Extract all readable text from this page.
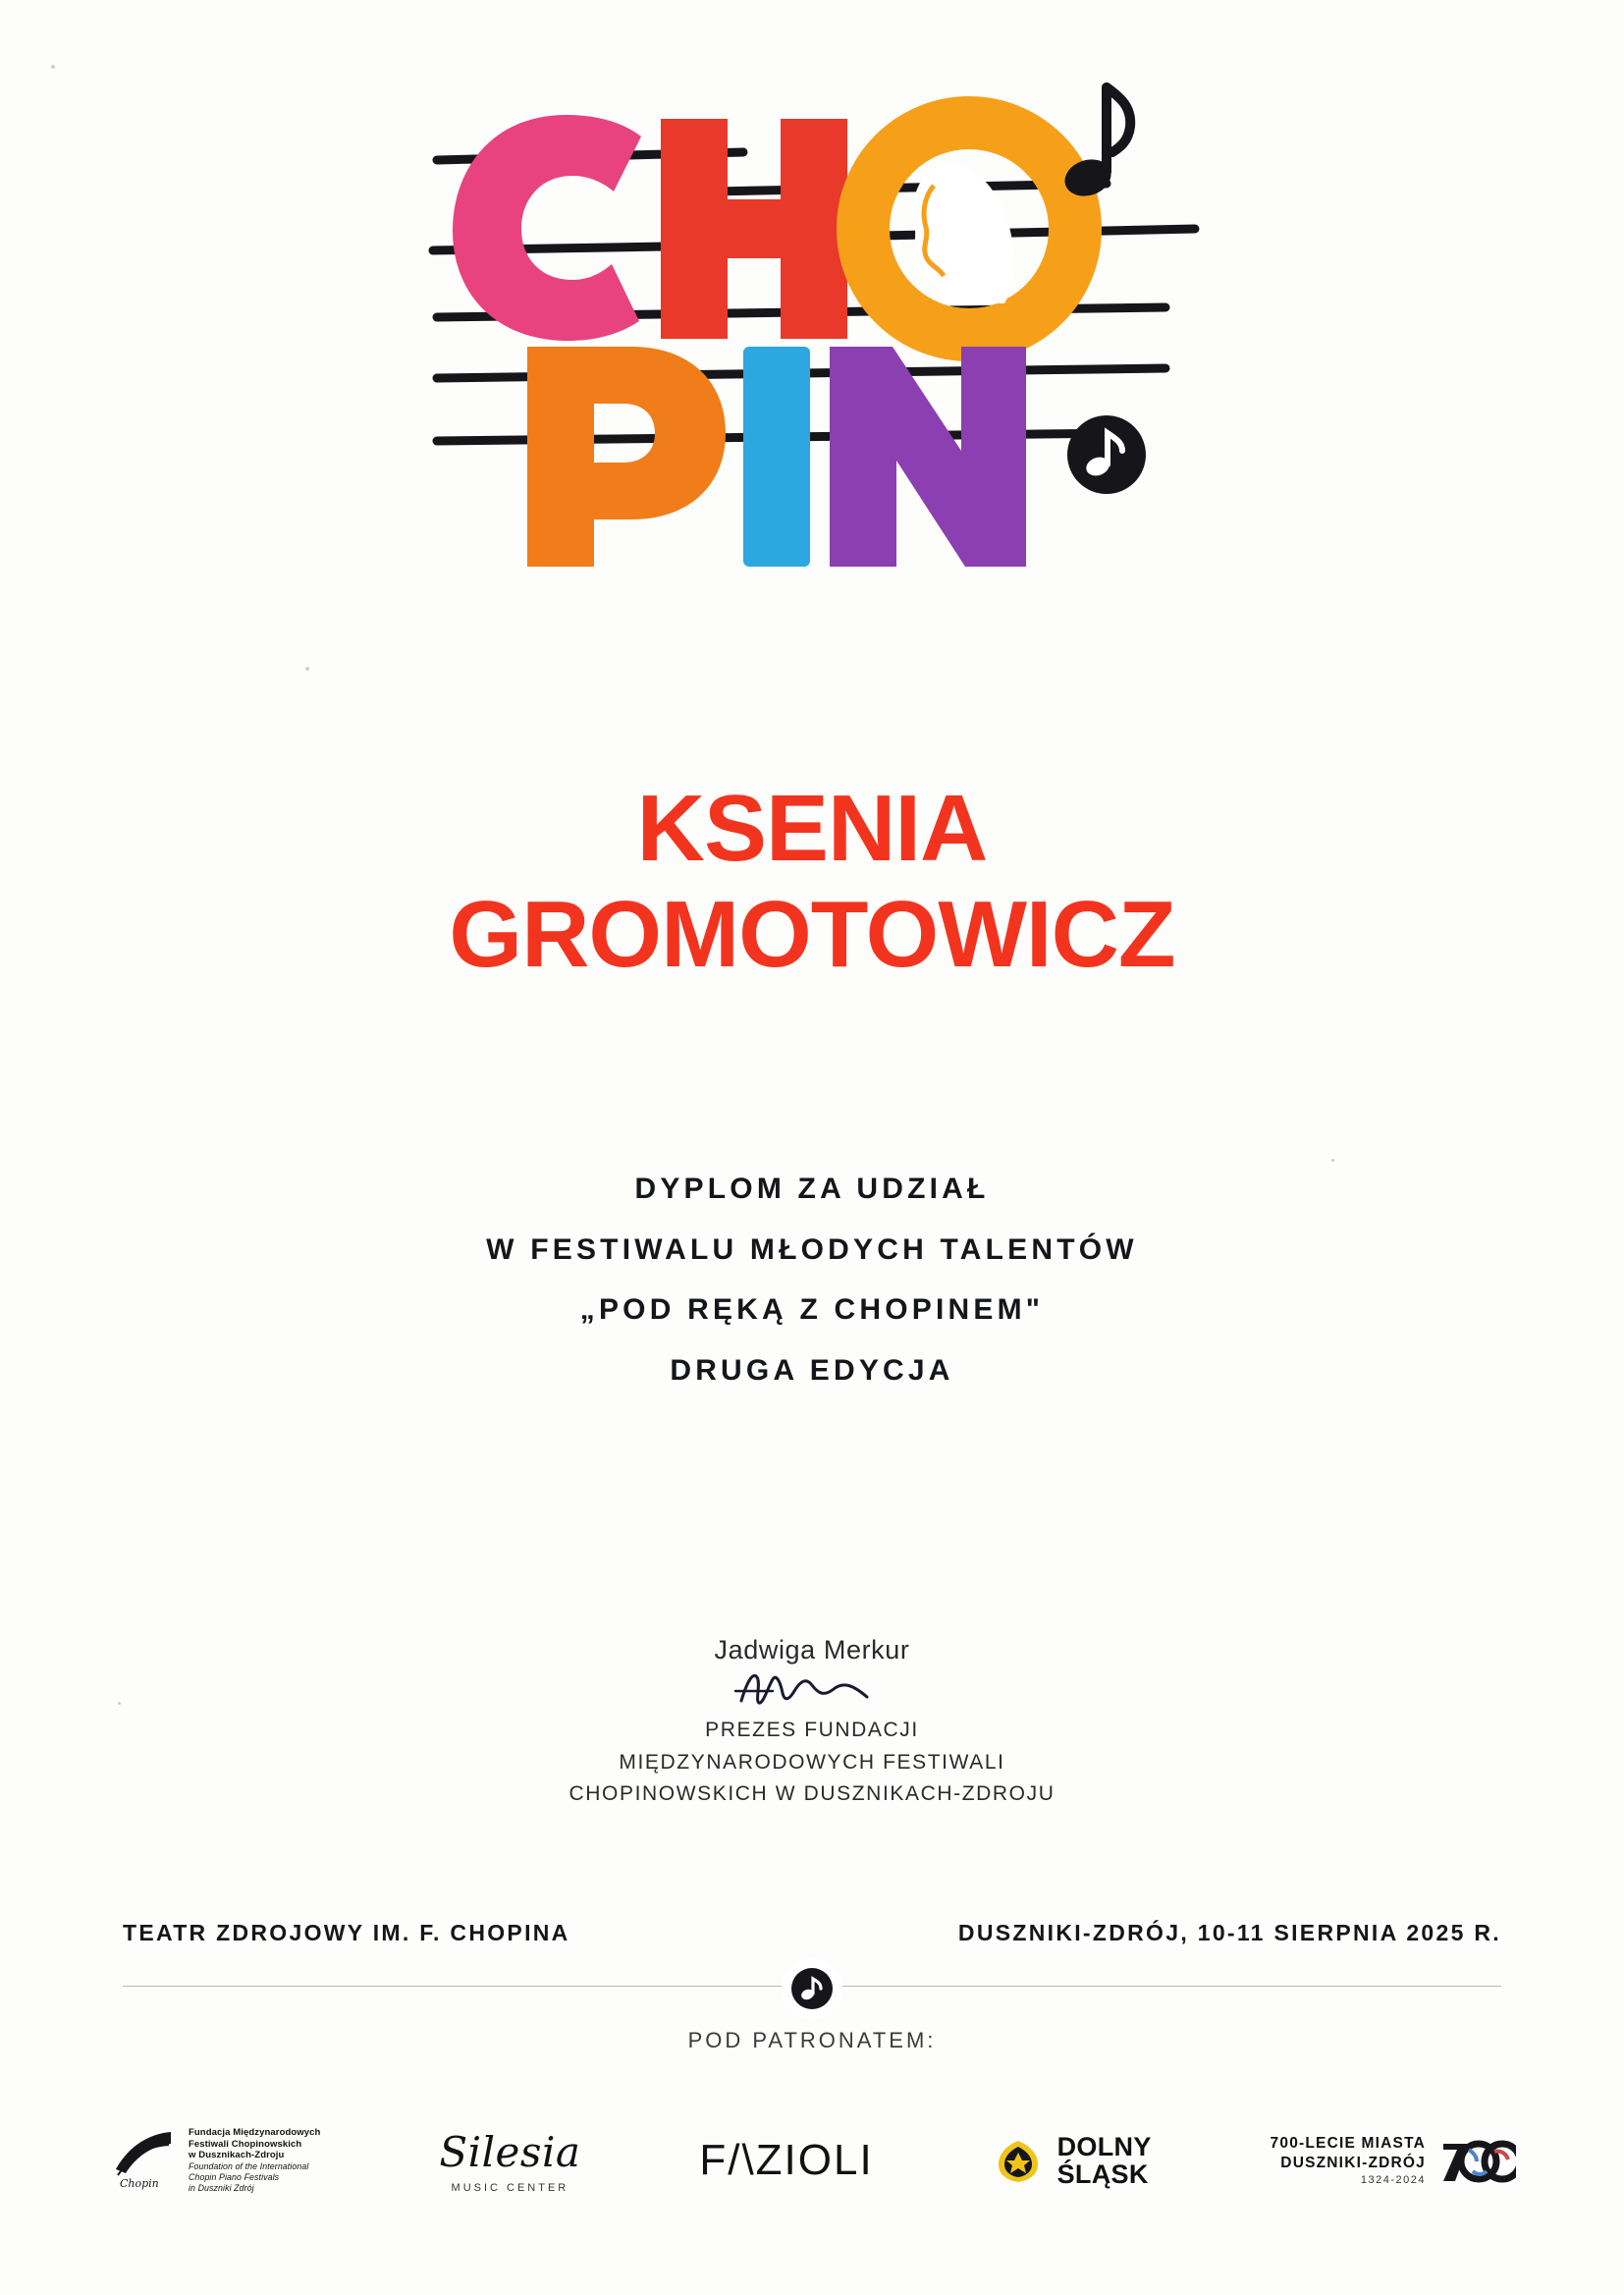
KSENIA
GROMOTOWICZ
DYPLOM ZA UDZIAŁ
W FESTIWALU MŁODYCH TALENTÓW
„POD RĘKĄ Z CHOPINEM"
DRUGA EDYCJA
Jadwiga Merkur
PREZES FUNDACJI
MIĘDZYNARODOWYCH FESTIWALI
CHOPINOWSKICH W DUSZNIKACH-ZDROJU
TEATR ZDROJOWY IM. F. CHOPINA	DUSZNIKI-ZDRÓJ, 10-11 SIERPNIA 2025 R.
POD PATRONATEM:
Chopin
Fundacja Międzynarodowych
Festiwali Chopinowskich
w Dusznikach-Zdroju
Foundation of the International
Chopin Piano Festivals
in Duszniki Zdrój
Silesia
MUSIC CENTER
F/\ZIOLI	DOLNY
ŚLĄSK
700-LECIE MIASTA
DUSZNIKI-ZDRÓJ
1324-2024
